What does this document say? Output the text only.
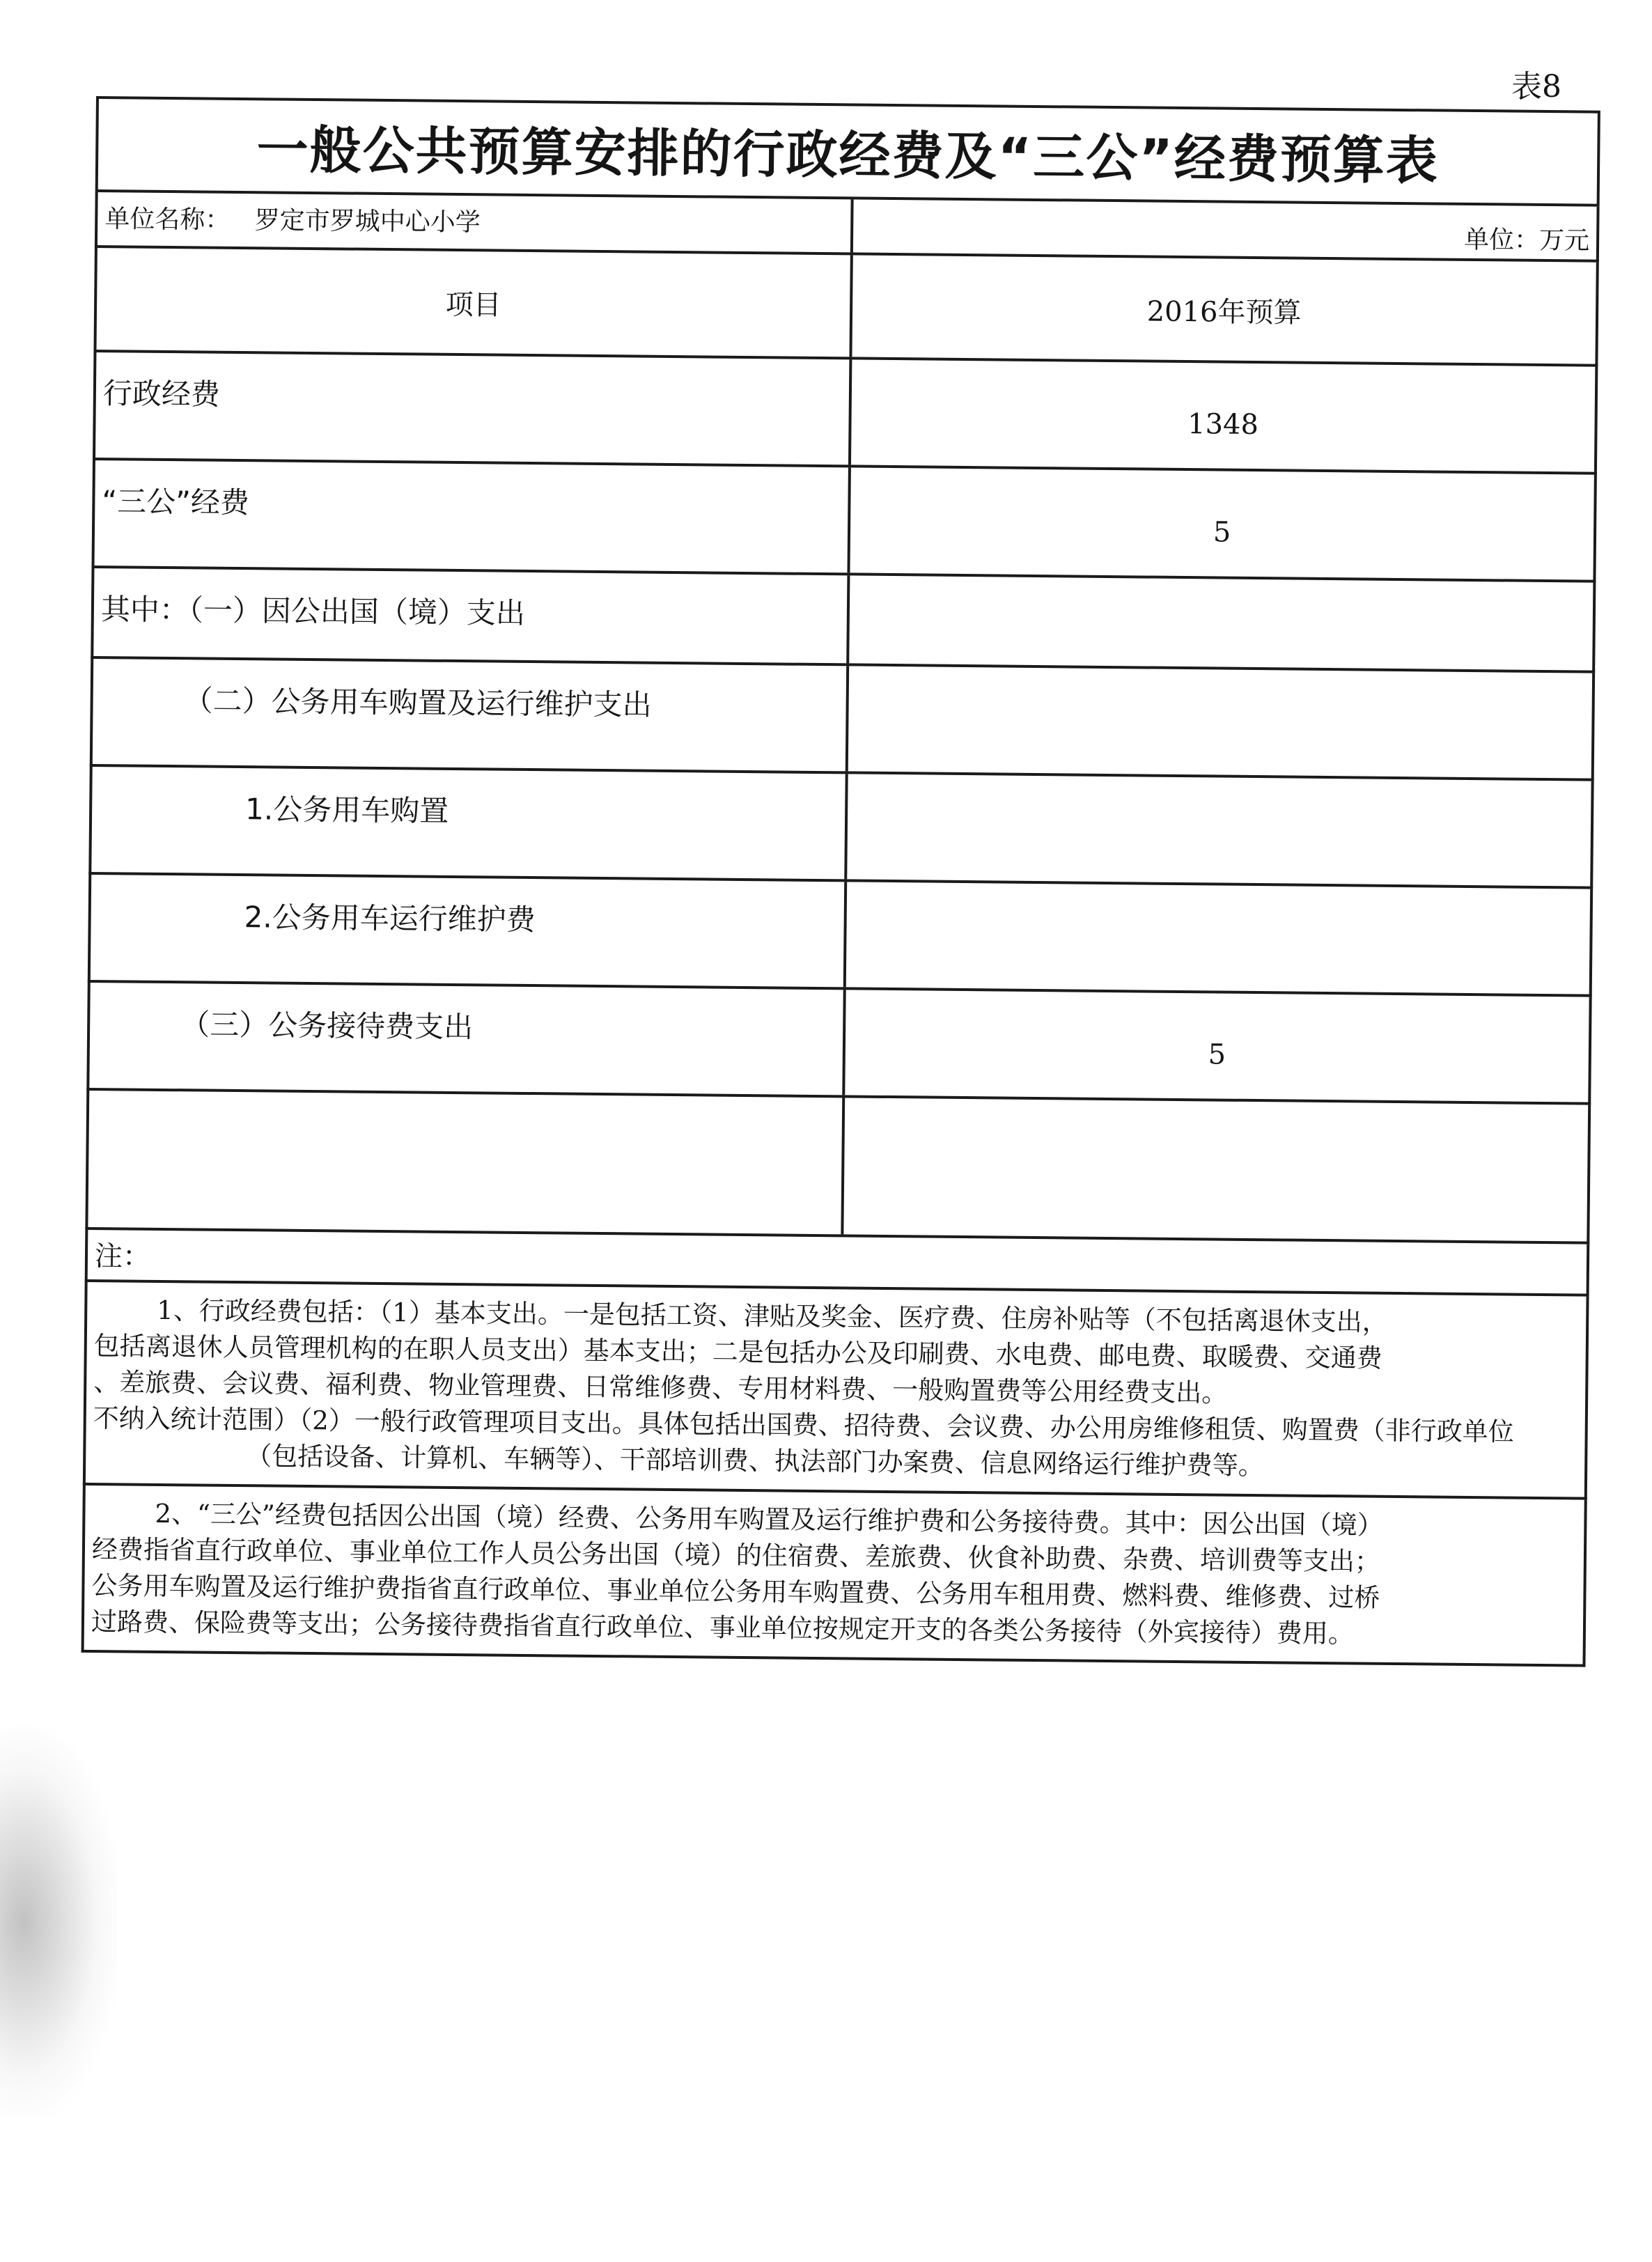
表8
一般公共预算安排的行政经费及“三公”经费预算表
单位名称： 罗定市罗城中心小学
单位：万元
项目	2016年预算
行政经费
1348
“三公”经费
5
其中：（一）因公出国（境）支出
（二）公务用车购置及运行维护支出
1.公务用车购置
2.公务用车运行维护费
（三）公务接待费支出
5
注：
1、行政经费包括：（1）基本支出。一是包括工资、津贴及奖金、医疗费、住房补贴等（不包括离退休支出，
包括离退休人员管理机构的在职人员支出）基本支出；二是包括办公及印刷费、水电费、邮电费、取暖费、交通费
、差旅费、会议费、福利费、物业管理费、日常维修费、专用材料费、一般购置费等公用经费支出。
不纳入统计范围）（2）一般行政管理项目支出。具体包括出国费、招待费、会议费、办公用房维修租赁、购置费（非行政单位
（包括设备、计算机、车辆等）、干部培训费、执法部门办案费、信息网络运行维护费等。
2、“三公”经费包括因公出国（境）经费、公务用车购置及运行维护费和公务接待费。其中：因公出国（境）
经费指省直行政单位、事业单位工作人员公务出国（境）的住宿费、差旅费、伙食补助费、杂费、培训费等支出；
公务用车购置及运行维护费指省直行政单位、事业单位公务用车购置费、公务用车租用费、燃料费、维修费、过桥
过路费、保险费等支出；公务接待费指省直行政单位、事业单位按规定开支的各类公务接待（外宾接待）费用。
